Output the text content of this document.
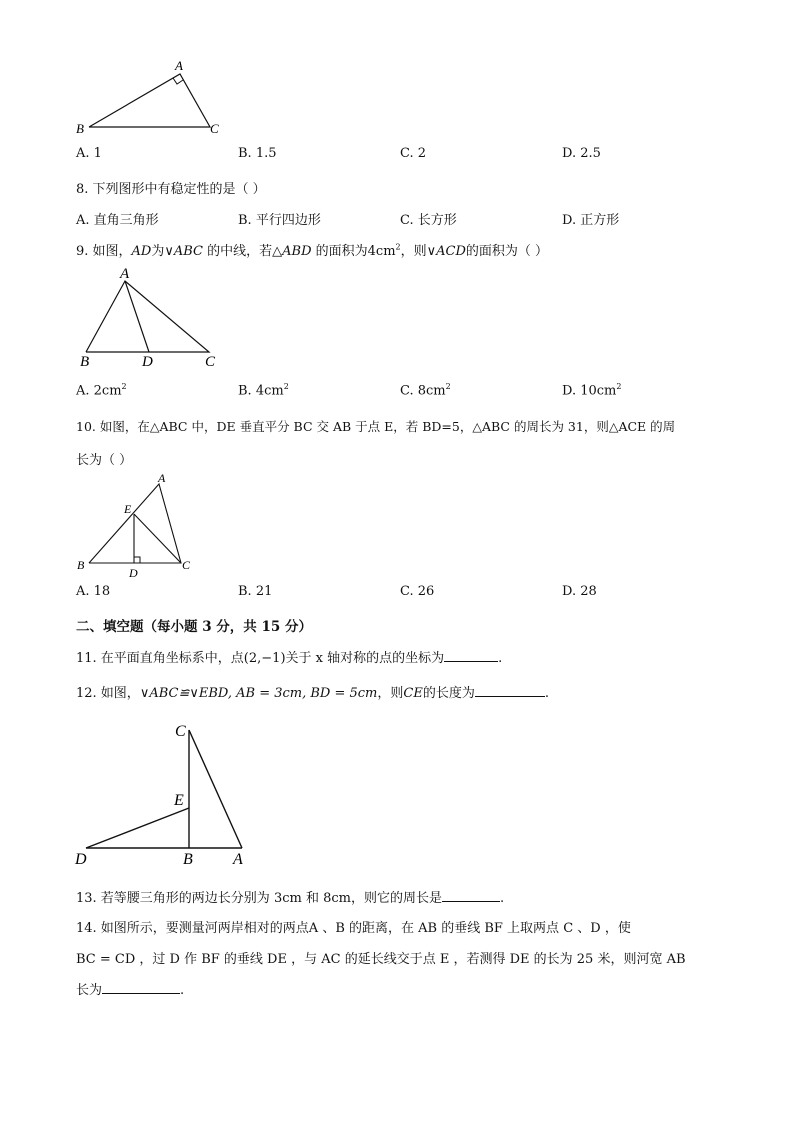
A
B	C
A. 1	B. 1.5	C. 2	D. 2.5
8. 下列图形中有稳定性的是（ ）
A. 直角三角形	B. 平行四边形	C. 长方形	D. 正方形
9. 如图，AD为∨ABC 的中线，若△ABD 的面积为$4cm^2$，则∨ACD的面积为（ ）
A
B	D	C
A. $2cm^2$	B. $4cm^2$	C. $8cm^2$	D. $10cm^2$
10. 如图，在△ABC 中，DE 垂直平分 BC 交 AB 于点 E，若 BD=5，△ABC 的周长为 31，则△ACE 的周
长为（ ）
A
E
B
D
C
A. 18	B. 21	C. 26	D. 28
二、填空题（每小题 3 分，共 15 分）
11. 在平面直角坐标系中，点(2,−1)关于 x 轴对称的点的坐标为	.
12. 如图，∨ABC≌∨EBD, AB = 3cm, BD = 5cm，则CE的长度为	.
C
E
D	B	A
13. 若等腰三角形的两边长分别为 3cm 和 8cm，则它的周长是	.
14. 如图所示，要测量河两岸相对的两点A 、B 的距离，在 AB 的垂线 BF 上取两点 C 、D ，使
BC = CD ，过 D 作 BF 的垂线 DE ，与 AC 的延长线交于点 E ，若测得 DE 的长为 25 米，则河宽 AB
长为	.
